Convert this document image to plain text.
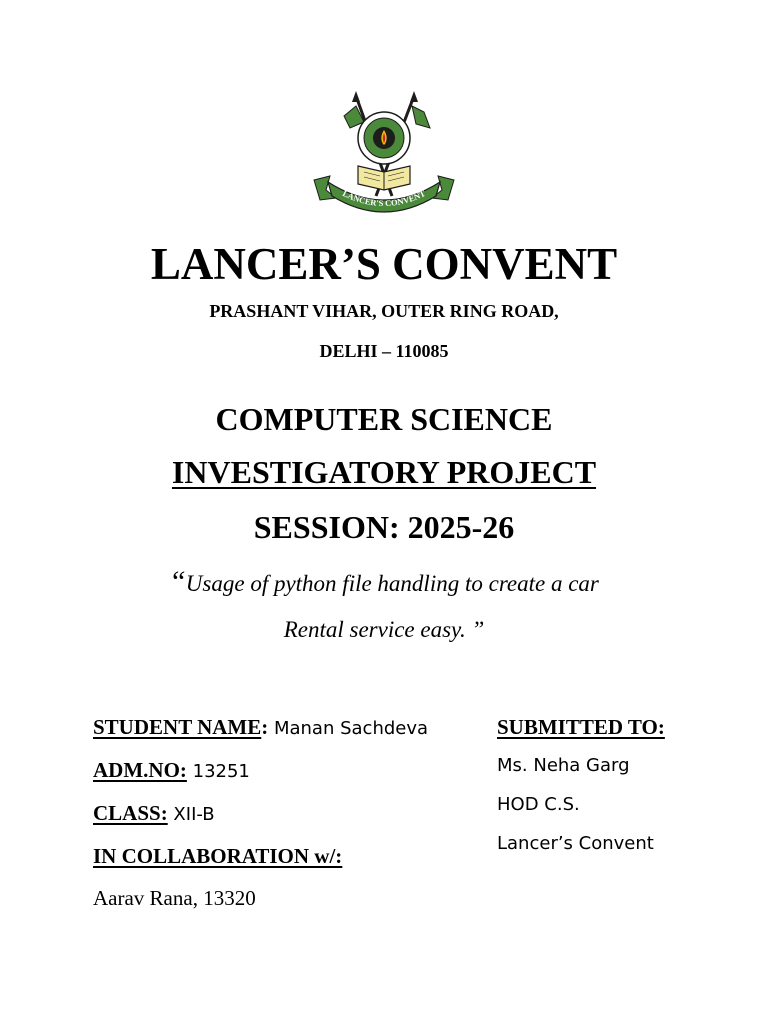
LANCER'S CONVENT
LANCER’S CONVENT
PRASHANT VIHAR, OUTER RING ROAD,
DELHI – 110085
COMPUTER SCIENCE
INVESTIGATORY PROJECT
SESSION: 2025-26
“Usage of python file handling to create a car
Rental service easy. ”
STUDENT NAME: Manan Sachdeva
ADM.NO: 13251
CLASS: XII-B
IN COLLABORATION w/:
Aarav Rana, 13320
SUBMITTED TO:
Ms. Neha Garg
HOD C.S.
Lancer’s Convent
